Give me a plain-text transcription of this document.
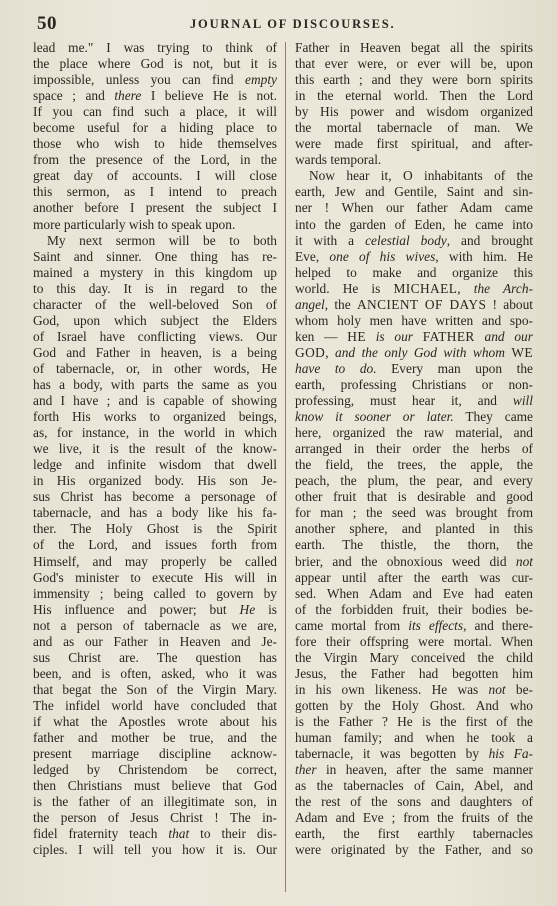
50	JOURNAL OF DISCOURSES.
lead me." I was trying to think of
the place where God is not, but it is
impossible, unless you can find empty
space ; and there I believe He is not.
If you can find such a place, it will
become useful for a hiding place to
those who wish to hide themselves
from the presence of the Lord, in the
great day of accounts. I will close
this sermon, as I intend to preach
another before I present the subject I
more particularly wish to speak upon.
My next sermon will be to both
Saint and sinner. One thing has re-
mained a mystery in this kingdom up
to this day. It is in regard to the
character of the well-beloved Son of
God, upon which subject the Elders
of Israel have conflicting views. Our
God and Father in heaven, is a being
of tabernacle, or, in other words, He
has a body, with parts the same as you
and I have ; and is capable of showing
forth His works to organized beings,
as, for instance, in the world in which
we live, it is the result of the know-
ledge and infinite wisdom that dwell
in His organized body. His son Je-
sus Christ has become a personage of
tabernacle, and has a body like his fa-
ther. The Holy Ghost is the Spirit
of the Lord, and issues forth from
Himself, and may properly be called
God's minister to execute His will in
immensity ; being called to govern by
His influence and power; but He is
not a person of tabernacle as we are,
and as our Father in Heaven and Je-
sus Christ are. The question has
been, and is often, asked, who it was
that begat the Son of the Virgin Mary.
The infidel world have concluded that
if what the Apostles wrote about his
father and mother be true, and the
present marriage discipline acknow-
ledged by Christendom be correct,
then Christians must believe that God
is the father of an illegitimate son, in
the person of Jesus Christ ! The in-
fidel fraternity teach that to their dis-
ciples. I will tell you how it is. Our
Father in Heaven begat all the spirits
that ever were, or ever will be, upon
this earth ; and they were born spirits
in the eternal world. Then the Lord
by His power and wisdom organized
the mortal tabernacle of man. We
were made first spiritual, and after-
wards temporal.
Now hear it, O inhabitants of the
earth, Jew and Gentile, Saint and sin-
ner ! When our father Adam came
into the garden of Eden, he came into
it with a celestial body, and brought
Eve, one of his wives, with him. He
helped to make and organize this
world. He is MICHAEL, the Arch-
angel, the ANCIENT OF DAYS ! about
whom holy men have written and spo-
ken — HE is our FATHER and our
GOD, and the only God with whom WE
have to do. Every man upon the
earth, professing Christians or non-
professing, must hear it, and will
know it sooner or later. They came
here, organized the raw material, and
arranged in their order the herbs of
the field, the trees, the apple, the
peach, the plum, the pear, and every
other fruit that is desirable and good
for man ; the seed was brought from
another sphere, and planted in this
earth. The thistle, the thorn, the
brier, and the obnoxious weed did not
appear until after the earth was cur-
sed. When Adam and Eve had eaten
of the forbidden fruit, their bodies be-
came mortal from its effects, and there-
fore their offspring were mortal. When
the Virgin Mary conceived the child
Jesus, the Father had begotten him
in his own likeness. He was not be-
gotten by the Holy Ghost. And who
is the Father ? He is the first of the
human family; and when he took a
tabernacle, it was begotten by his Fa-
ther in heaven, after the same manner
as the tabernacles of Cain, Abel, and
the rest of the sons and daughters of
Adam and Eve ; from the fruits of the
earth, the first earthly tabernacles
were originated by the Father, and so
